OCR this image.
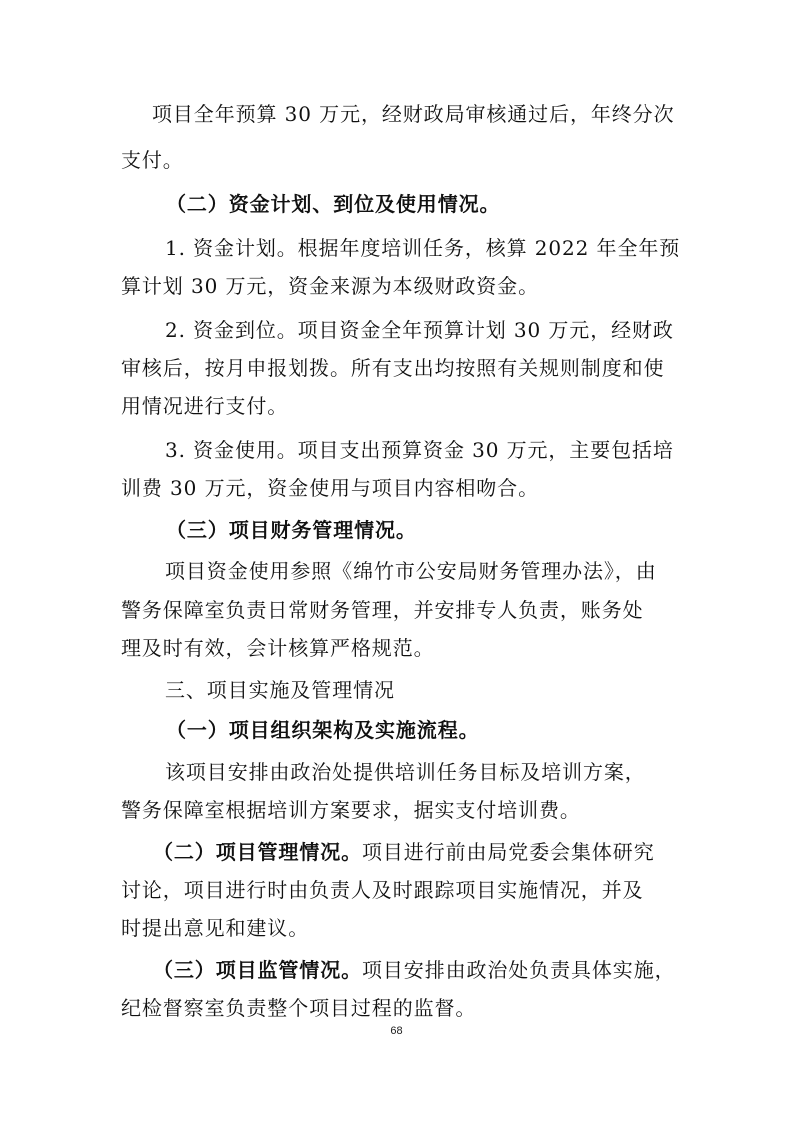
项目全年预算 30 万元，经财政局审核通过后，年终分次
支付。
（二）资金计划、到位及使用情况。
1. 资金计划。根据年度培训任务，核算 2022 年全年预
算计划 30 万元，资金来源为本级财政资金。
2. 资金到位。项目资金全年预算计划 30 万元，经财政
审核后，按月申报划拨。所有支出均按照有关规则制度和使
用情况进行支付。
3. 资金使用。项目支出预算资金 30 万元，主要包括培
训费 30 万元，资金使用与项目内容相吻合。
（三）项目财务管理情况。
项目资金使用参照《绵竹市公安局财务管理办法》，由
警务保障室负责日常财务管理，并安排专人负责，账务处
理及时有效，会计核算严格规范。
三、项目实施及管理情况
（一）项目组织架构及实施流程。
该项目安排由政治处提供培训任务目标及培训方案，
警务保障室根据培训方案要求，据实支付培训费。
（二）项目管理情况。项目进行前由局党委会集体研究
讨论，项目进行时由负责人及时跟踪项目实施情况，并及
时提出意见和建议。
（三）项目监管情况。项目安排由政治处负责具体实施，
纪检督察室负责整个项目过程的监督。
68
